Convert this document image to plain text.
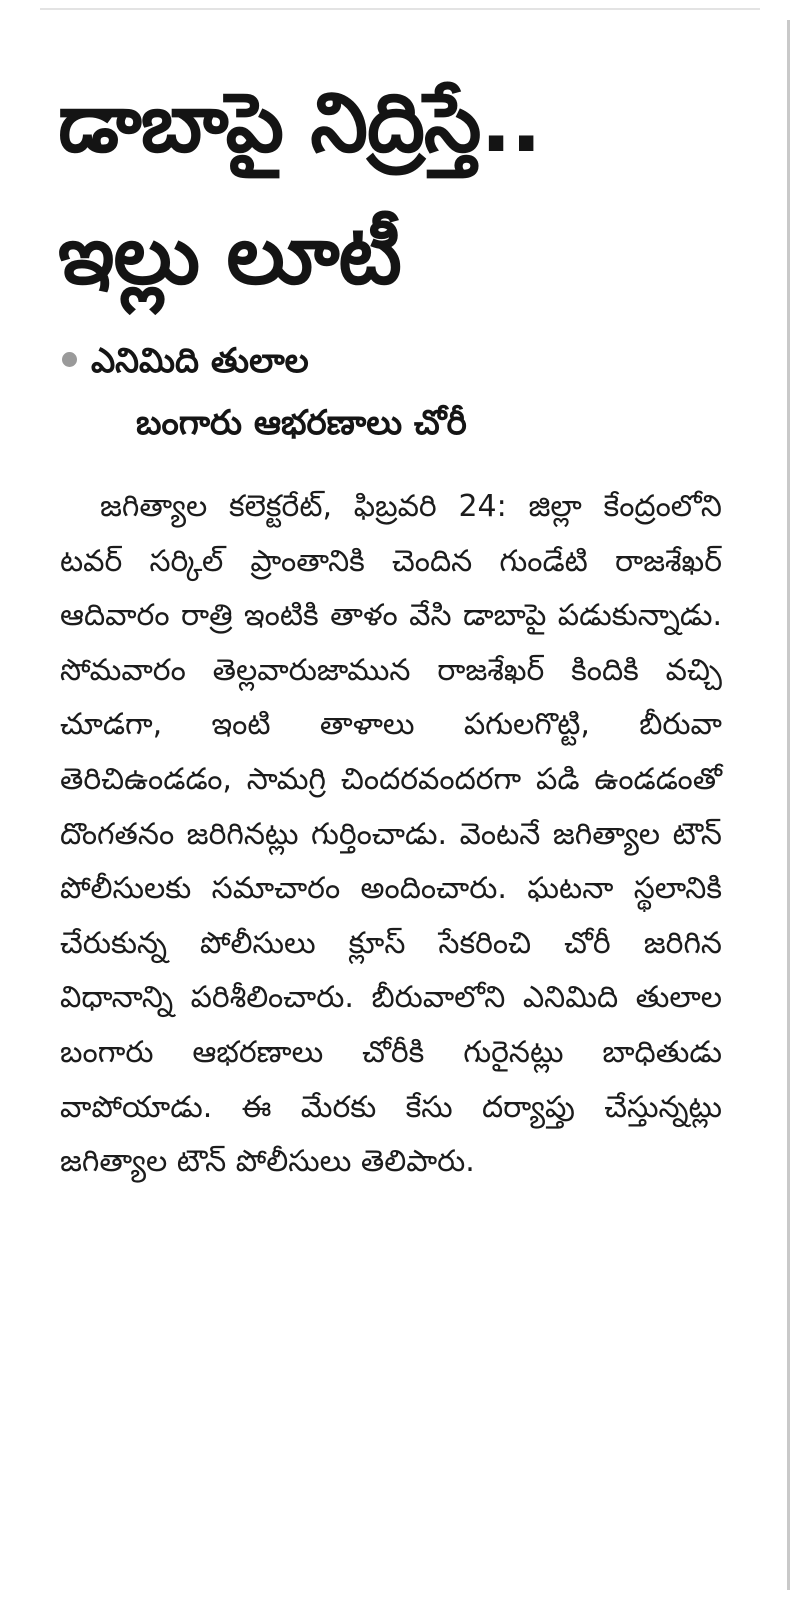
డాబాపై నిద్రిస్తే..
ఇల్లు లూటీ
ఎనిమిది తులాల
బంగారు ఆభరణాలు చోరీ

జగిత్యాల కలెక్టరేట్, ఫిబ్రవరి 24: జిల్లా కేంద్రంలోని టవర్ సర్కిల్ ప్రాంతానికి చెందిన గుండేటి రాజశేఖర్ ఆదివారం రాత్రి ఇంటికి తాళం వేసి డాబాపై పడుకున్నాడు. సోమవారం తెల్లవారుజామున రాజశేఖర్ కిందికి వచ్చి చూడగా, ఇంటి తాళాలు పగులగొట్టి, బీరువా తెరిచిఉండడం, సామగ్రి చిందరవందరగా పడి ఉండడంతో దొంగతనం జరిగినట్లు గుర్తించాడు. వెంటనే జగిత్యాల టౌన్ పోలీసులకు సమాచారం అందించారు. ఘటనా స్థలానికి చేరుకున్న పోలీసులు క్లూస్ సేకరించి చోరీ జరిగిన విధానాన్ని పరిశీలించారు. బీరువాలోని ఎనిమిది తులాల బంగారు ఆభరణాలు చోరీకి గురైనట్లు బాధితుడు వాపోయాడు. ఈ మేరకు కేసు దర్యాప్తు చేస్తున్నట్లు జగిత్యాల టౌన్ పోలీసులు తెలిపారు.
